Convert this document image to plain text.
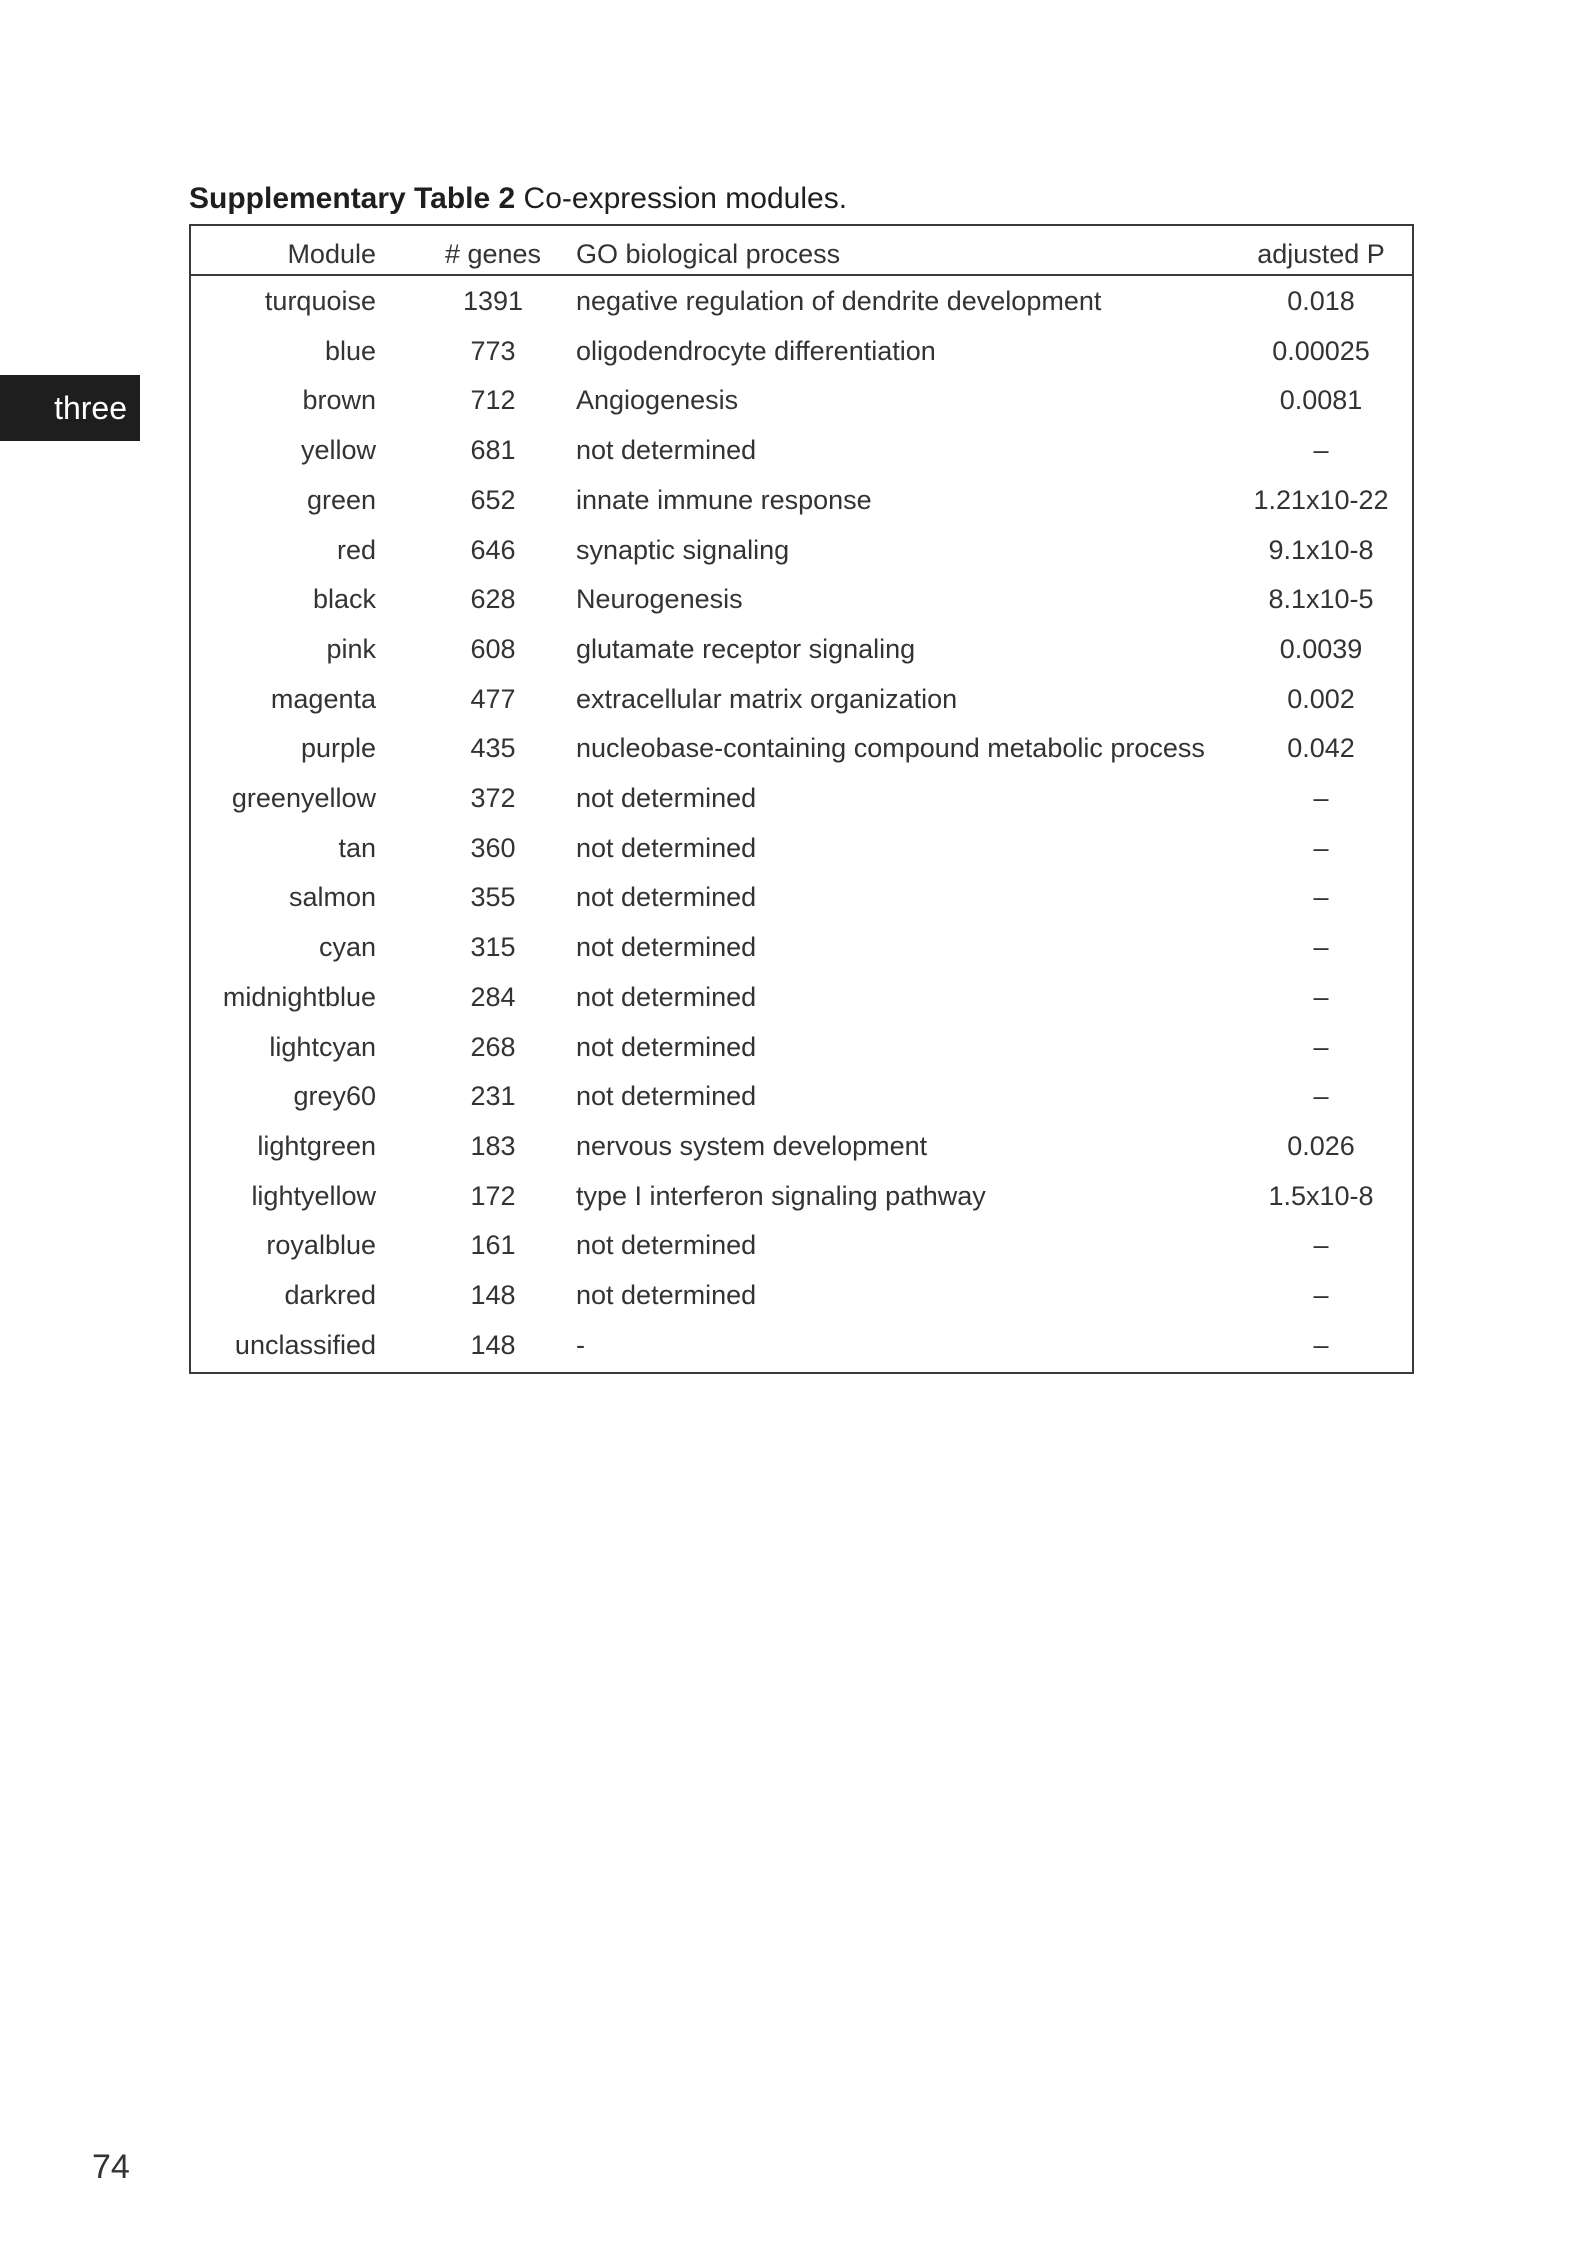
three
Supplementary Table 2 Co-expression modules.
Module	# genes	GO biological process	adjusted P
turquoise	1391	negative regulation of dendrite development	0.018
blue	773	oligodendrocyte differentiation	0.00025
brown	712	Angiogenesis	0.0081
yellow	681	not determined	–
green	652	innate immune response	1.21x10-22
red	646	synaptic signaling	9.1x10-8
black	628	Neurogenesis	8.1x10-5
pink	608	glutamate receptor signaling	0.0039
magenta	477	extracellular matrix organization	0.002
purple	435	nucleobase-containing compound metabolic process	0.042
greenyellow	372	not determined	–
tan	360	not determined	–
salmon	355	not determined	–
cyan	315	not determined	–
midnightblue	284	not determined	–
lightcyan	268	not determined	–
grey60	231	not determined	–
lightgreen	183	nervous system development	0.026
lightyellow	172	type I interferon signaling pathway	1.5x10-8
royalblue	161	not determined	–
darkred	148	not determined	–
unclassified	148	-	–
74
